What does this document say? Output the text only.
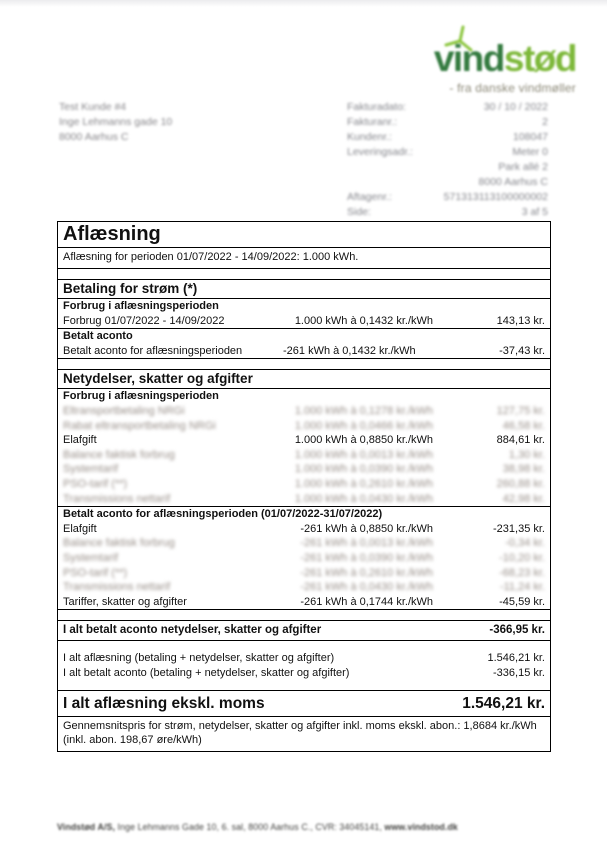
vindstød
- fra danske vindmøller
Test Kunde #4
Inge Lehmanns gade 10
8000 Aarhus C
Fakturadato:	30 / 10 / 2022
Fakturanr.:	2
Kundenr.:	108047
Leveringsadr.:	Meter 0
Park allé 2
8000 Aarhus C
Aftagenr.:	571313113100000002
Side:	3 af 5
Aflæsning
Aflæsning for perioden 01/07/2022 - 14/09/2022: 1.000 kWh.
Betaling for strøm (*)
Forbrug i aflæsningsperioden
Forbrug 01/07/2022 - 14/09/2022	1.000 kWh à 0,1432 kr./kWh	143,13 kr.
Betalt aconto
Betalt aconto for aflæsningsperioden	-261 kWh à 0,1432 kr./kWh	-37,43 kr.
Netydelser, skatter og afgifter
Forbrug i aflæsningsperioden
Eltransportbetaling NRGi	1.000 kWh à 0,1278 kr./kWh	127,75 kr.
Rabat eltransportbetaling NRGi	1.000 kWh à 0,0466 kr./kWh	46,58 kr.
Elafgift	1.000 kWh à 0,8850 kr./kWh	884,61 kr.
Balance faktisk forbrug	1.000 kWh à 0,0013 kr./kWh	1,30 kr.
Systemtarif	1.000 kWh à 0,0390 kr./kWh	38,98 kr.
PSO-tarif (**)	1.000 kWh à 0,2610 kr./kWh	260,88 kr.
Transmissions nettarif	1.000 kWh à 0,0430 kr./kWh	42,98 kr.
Betalt aconto for aflæsningsperioden (01/07/2022-31/07/2022)
Elafgift	-261 kWh à 0,8850 kr./kWh	-231,35 kr.
Balance faktisk forbrug	-261 kWh à 0,0013 kr./kWh	-0,34 kr.
Systemtarif	-261 kWh à 0,0390 kr./kWh	-10,20 kr.
PSO-tarif (**)	-261 kWh à 0,2610 kr./kWh	-68,23 kr.
Transmissions nettarif	-261 kWh à 0,0430 kr./kWh	-11,24 kr.
Tariffer, skatter og afgifter	-261 kWh à 0,1744 kr./kWh	-45,59 kr.
I alt betalt aconto netydelser, skatter og afgifter	-366,95 kr.
I alt aflæsning (betaling + netydelser, skatter og afgifter)	1.546,21 kr.
I alt betalt aconto (betaling + netydelser, skatter og afgifter)	-336,15 kr.
I alt aflæsning ekskl. moms	1.546,21 kr.
Gennemsnitspris for strøm, netydelser, skatter og afgifter inkl. moms ekskl. abon.: 1,8684 kr./kWh (inkl. abon. 198,67 øre/kWh)
Vindstød A/S, Inge Lehmanns Gade 10, 6. sal, 8000 Aarhus C., CVR: 34045141, www.vindstod.dk
